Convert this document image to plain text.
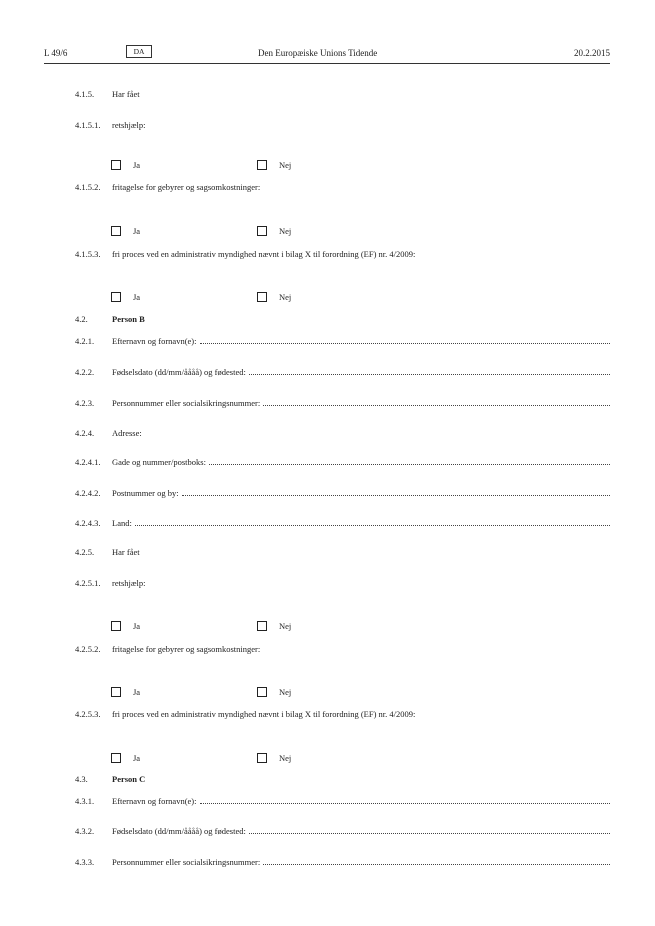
L 49/6	DA	Den Europæiske Unions Tidende	20.2.2015
4.1.5. Har fået
4.1.5.1. retshjælp:
Ja	Nej
4.1.5.2. fritagelse for gebyrer og sagsomkostninger:
Ja	Nej
4.1.5.3. fri proces ved en administrativ myndighed nævnt i bilag X til forordning (EF) nr. 4/2009:
Ja	Nej
4.2.	Person B
4.2.1. Efternavn og fornavn(e):
4.2.2. Fødselsdato (dd/mm/åååå) og fødested:
4.2.3. Personnummer eller socialsikringsnummer:
4.2.4. Adresse:
4.2.4.1. Gade og nummer/postboks:
4.2.4.2. Postnummer og by:
4.2.4.3. Land:
4.2.5. Har fået
4.2.5.1. retshjælp:
Ja	Nej
4.2.5.2. fritagelse for gebyrer og sagsomkostninger:
Ja	Nej
4.2.5.3. fri proces ved en administrativ myndighed nævnt i bilag X til forordning (EF) nr. 4/2009:
Ja	Nej
4.3.	Person C
4.3.1. Efternavn og fornavn(e):
4.3.2. Fødselsdato (dd/mm/åååå) og fødested:
4.3.3. Personnummer eller socialsikringsnummer:
